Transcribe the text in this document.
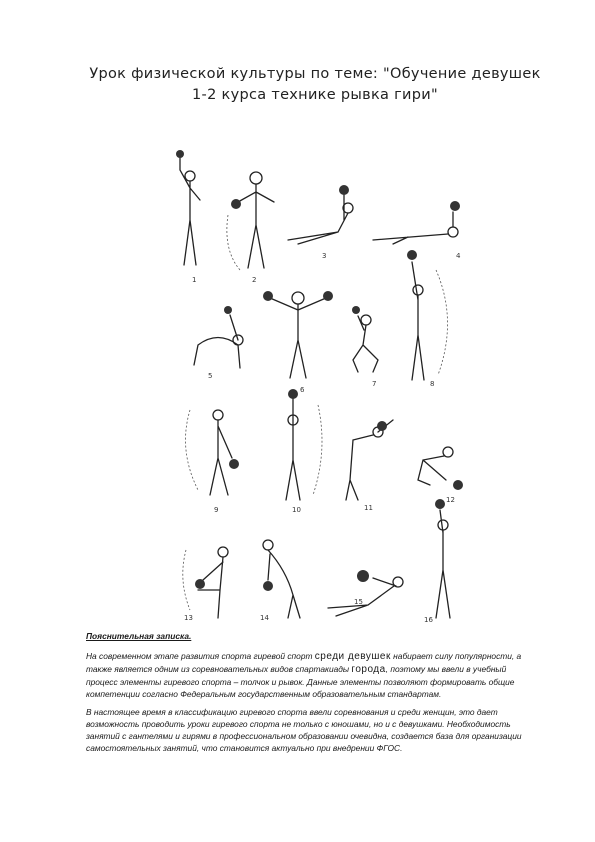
Урок физической культуры по теме: "Обучение девушек
1-2 курса технике рывка гири"
1	2
3	4
5
6
7	8
9	10	11
12
13	14
15
16
Пояснительная записка.

На современном этапе развития спорта гиревой спорт среди девушек набирает силу популярности, а также является одним из соревновательных видов спартакиады города, поэтому мы ввели в учебный процесс элементы гиревого спорта – толчок и рывок. Данные элементы позволяют формировать общие компетенции согласно Федеральным государственным образовательным стандартам.

В настоящее время в классификацию гиревого спорта ввели соревнования и среди женщин, это дает возможность проводить уроки гиревого спорта не только с юношами, но и с девушками. Необходимость занятий с гантелями и гирями в профессиональном образовании очевидна, создается база для организации самостоятельных занятий, что становится актуально при внедрении ФГОС.
